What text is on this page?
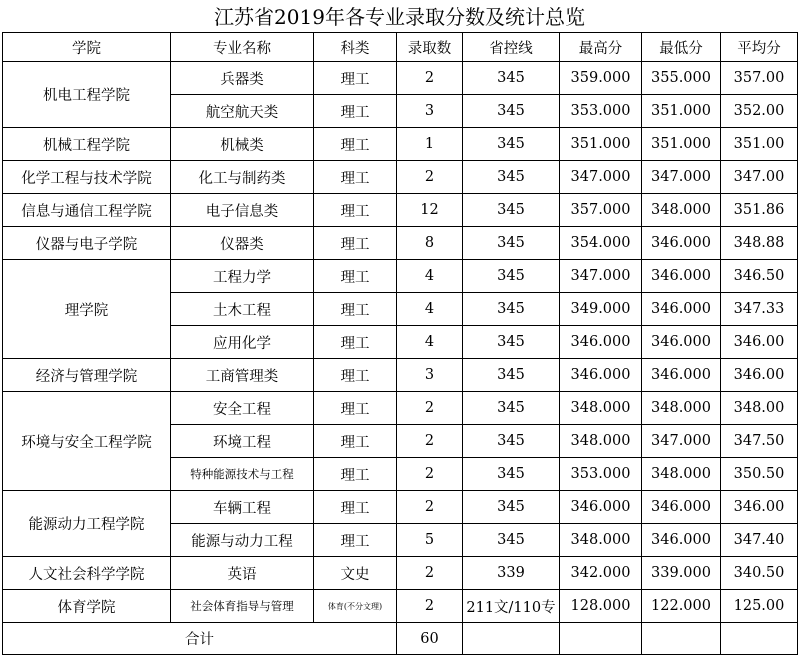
江苏省2019年各专业录取分数及统计总览
学院	专业名称	科类	录取数	省控线	最高分	最低分	平均分
机电工程学院	兵器类	理工	2	345	359.000	355.000	357.00
	航空航天类	理工	3	345	353.000	351.000	352.00
机械工程学院	机械类	理工	1	345	351.000	351.000	351.00
化学工程与技术学院	化工与制药类	理工	2	345	347.000	347.000	347.00
信息与通信工程学院	电子信息类	理工	12	345	357.000	348.000	351.86
仪器与电子学院	仪器类	理工	8	345	354.000	346.000	348.88
理学院	工程力学	理工	4	345	347.000	346.000	346.50
	土木工程	理工	4	345	349.000	346.000	347.33
	应用化学	理工	4	345	346.000	346.000	346.00
经济与管理学院	工商管理类	理工	3	345	346.000	346.000	346.00
环境与安全工程学院	安全工程	理工	2	345	348.000	348.000	348.00
	环境工程	理工	2	345	348.000	347.000	347.50
	特种能源技术与工程	理工	2	345	353.000	348.000	350.50
能源动力工程学院	车辆工程	理工	2	345	346.000	346.000	346.00
	能源与动力工程	理工	5	345	348.000	346.000	347.40
人文社会科学学院	英语	文史	2	339	342.000	339.000	340.50
体育学院	社会体育指导与管理	体育(不分文理)	2	211文/110专	128.000	122.000	125.00
合计			60				
